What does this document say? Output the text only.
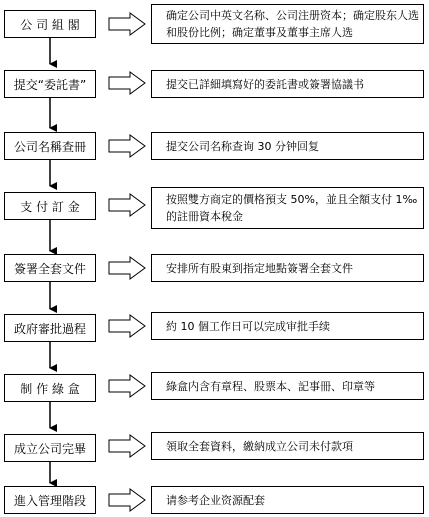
公 司 組 閣
提交“委託書”
公司名稱查冊
支 付 訂 金
簽署全套文件
政府審批過程
制 作 綠 盒
成立公司完畢
進入管理階段
确定公司中英文名称、公司注册资本；确定股东人选和股份比例；确定董事及董事主席人选
提交已詳細填寫好的委託書或簽署協議书
提交公司名称查询 30 分钟回复
按照雙方商定的價格預支 50%，並且全額支付 1‰的註冊資本稅金
安排所有股東到指定地點簽署全套文件
約 10 個工作日可以完成审批手续
綠盒内含有章程、股票本、記事冊、印章等
領取全套資料，繳納成立公司未付款項
请参考企业资源配套
